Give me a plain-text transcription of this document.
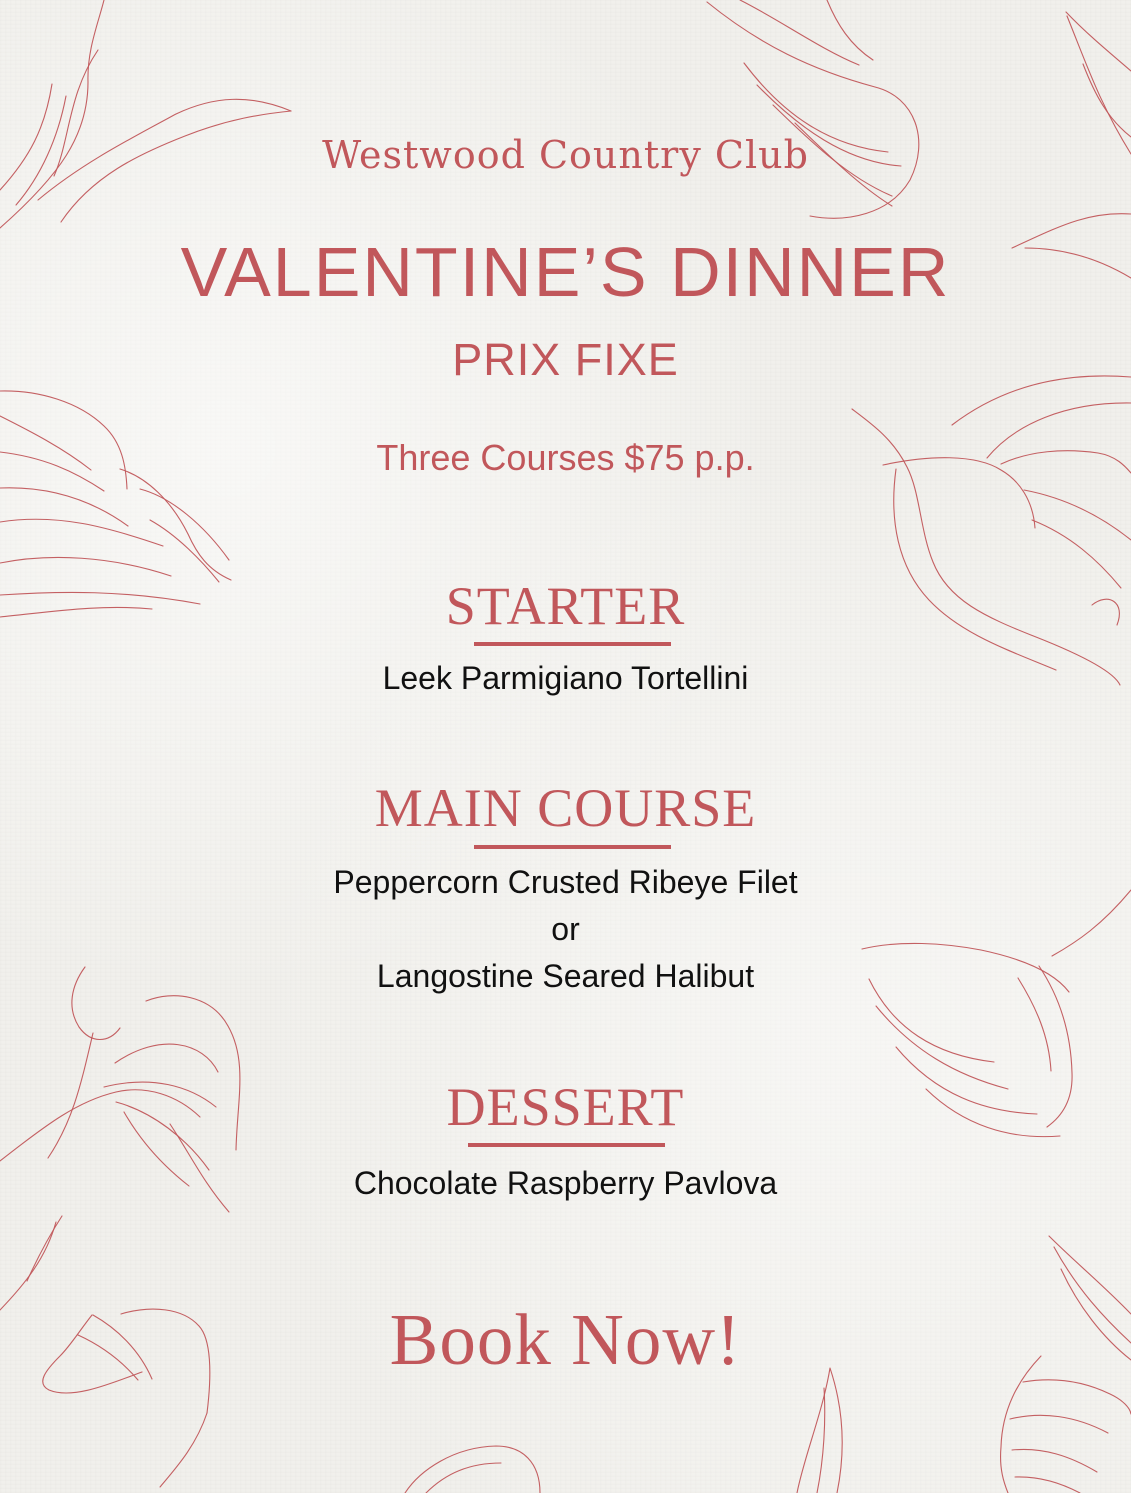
Westwood Country Club
VALENTINE’S DINNER
PRIX FIXE
Three Courses $75 p.p.
STARTER
Leek Parmigiano Tortellini
MAIN COURSE
Peppercorn Crusted Ribeye Filet
or
Langostine Seared Halibut
DESSERT
Chocolate Raspberry Pavlova
Book Now!
